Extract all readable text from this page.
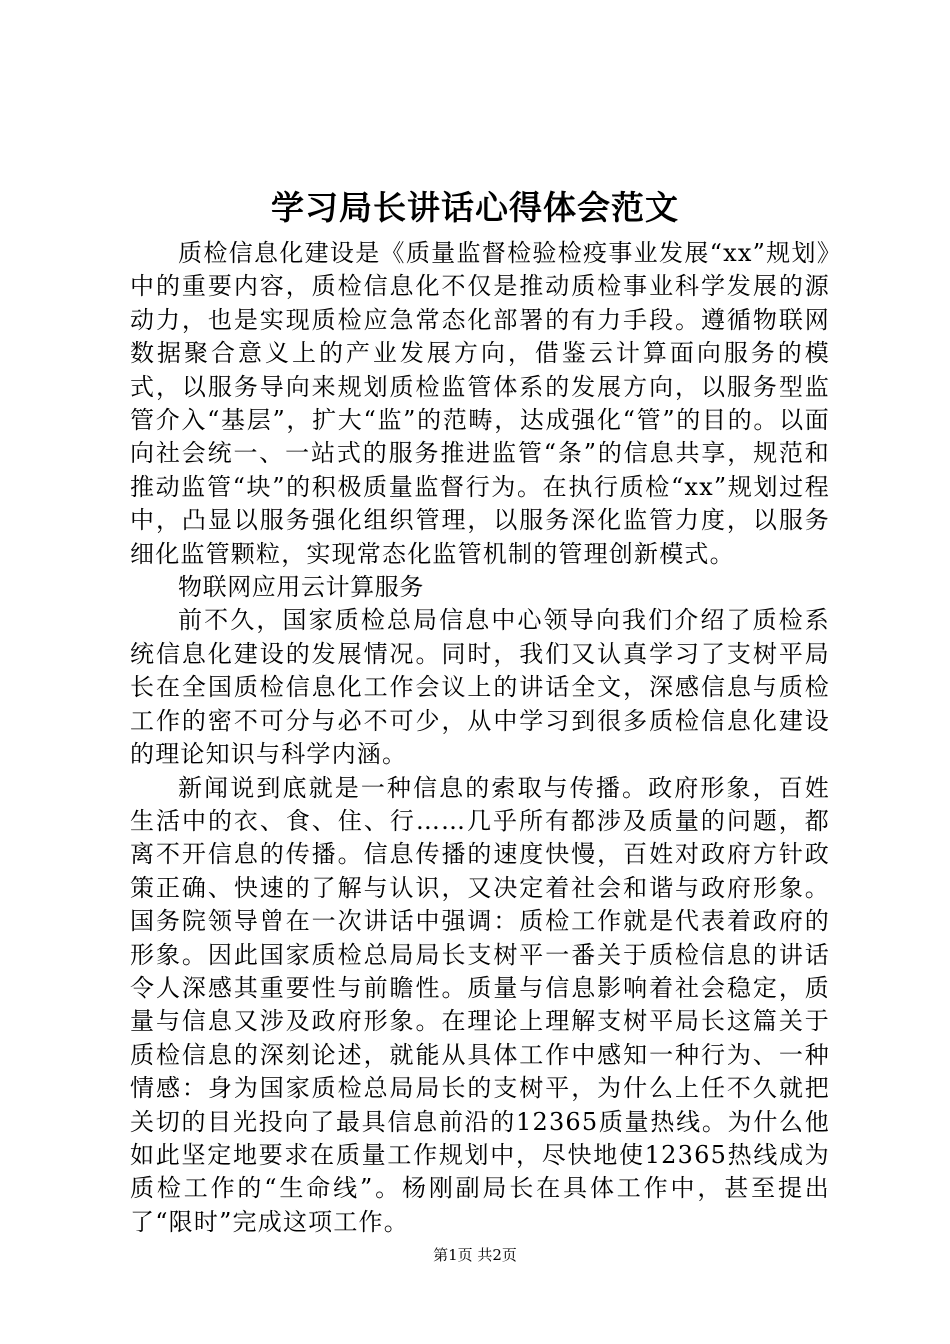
学习局长讲话心得体会范文

质检信息化建设是《质量监督检验检疫事业发展“xx”规划》中的重要内容，质检信息化不仅是推动质检事业科学发展的源动力，也是实现质检应急常态化部署的有力手段。遵循物联网数据聚合意义上的产业发展方向，借鉴云计算面向服务的模式，以服务导向来规划质检监管体系的发展方向，以服务型监管介入“基层”，扩大“监”的范畴，达成强化“管”的目的。以面向社会统一、一站式的服务推进监管“条”的信息共享，规范和推动监管“块”的积极质量监督行为。在执行质检“xx”规划过程中，凸显以服务强化组织管理，以服务深化监管力度，以服务细化监管颗粒，实现常态化监管机制的管理创新模式。

物联网应用云计算服务

前不久，国家质检总局信息中心领导向我们介绍了质检系统信息化建设的发展情况。同时，我们又认真学习了支树平局长在全国质检信息化工作会议上的讲话全文，深感信息与质检工作的密不可分与必不可少，从中学习到很多质检信息化建设的理论知识与科学内涵。

新闻说到底就是一种信息的索取与传播。政府形象，百姓生活中的衣、食、住、行……几乎所有都涉及质量的问题，都离不开信息的传播。信息传播的速度快慢，百姓对政府方针政策正确、快速的了解与认识，又决定着社会和谐与政府形象。国务院领导曾在一次讲话中强调：质检工作就是代表着政府的形象。因此国家质检总局局长支树平一番关于质检信息的讲话令人深感其重要性与前瞻性。质量与信息影响着社会稳定，质量与信息又涉及政府形象。在理论上理解支树平局长这篇关于质检信息的深刻论述，就能从具体工作中感知一种行为、一种情感：身为国家质检总局局长的支树平，为什么上任不久就把关切的目光投向了最具信息前沿的12365质量热线。为什么他如此坚定地要求在质量工作规划中，尽快地使12365热线成为质检工作的“生命线”。杨刚副局长在具体工作中，甚至提出了“限时”完成这项工作。

第1页 共2页
